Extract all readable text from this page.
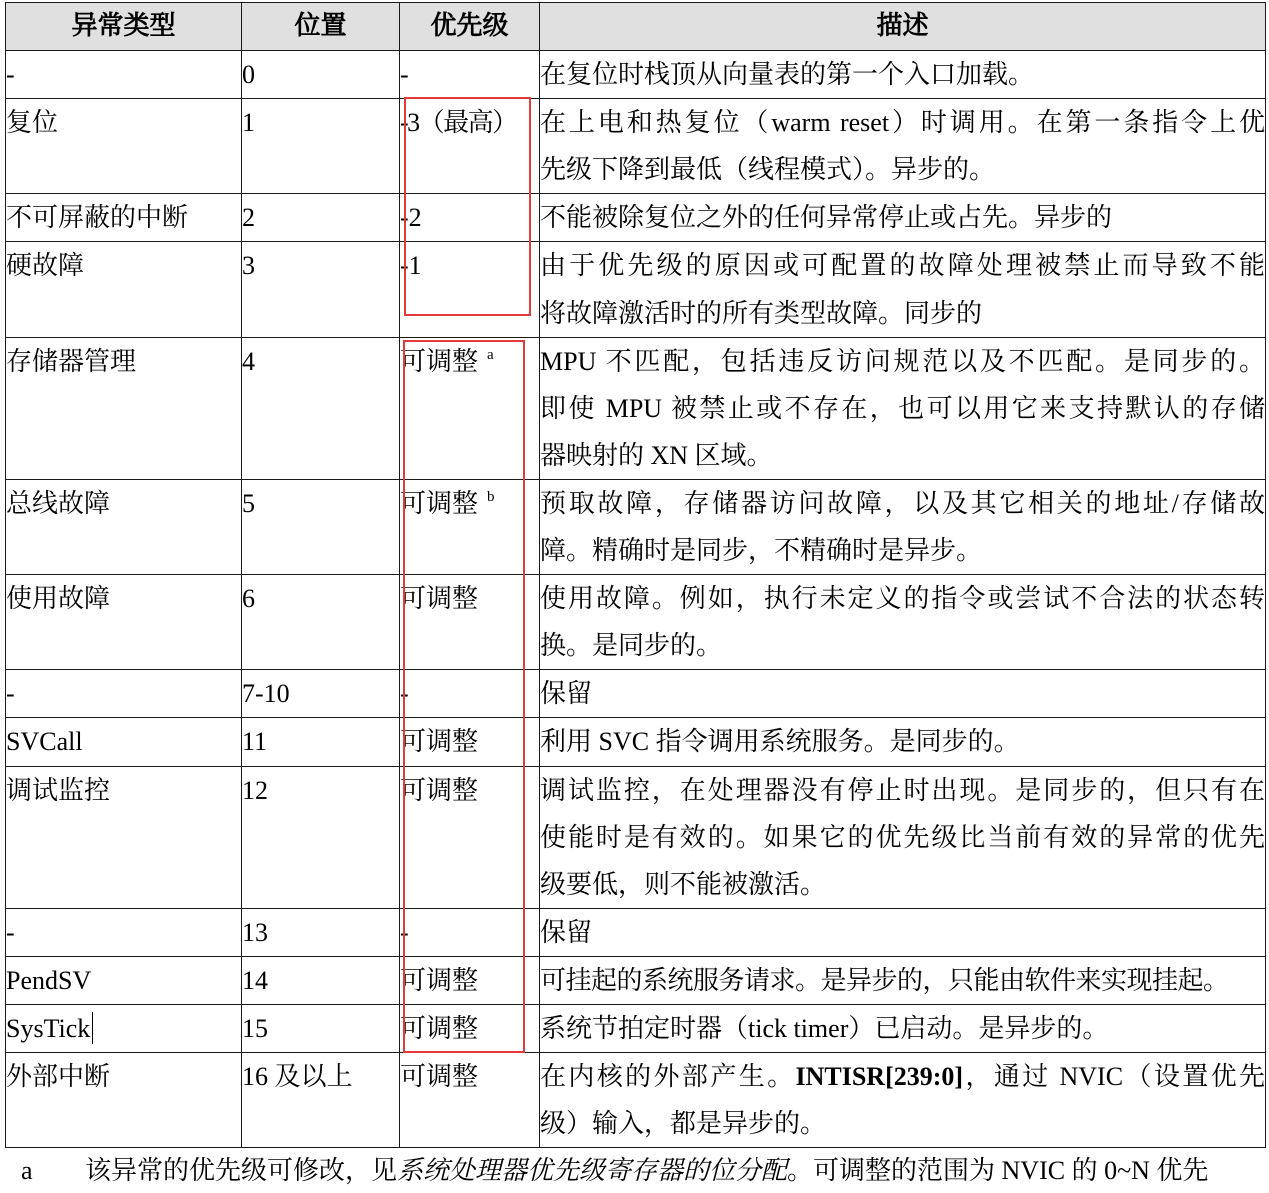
异常类型	位置	优先级	描述
-	0	-	在复位时栈顶从向量表的第一个入口加载。

复位	1	-3（最高）	在上电和热复位（warm reset）时调用。在第一条指令上优
先级下降到最低（线程模式）。异步的。

不可屏蔽的中断	2	-2	不能被除复位之外的任何异常停止或占先。异步的

硬故障	3	-1	由于优先级的原因或可配置的故障处理被禁止而导致不能
将故障激活时的所有类型故障。同步的

存储器管理	4	可调整 $^a$	MPU 不匹配，包括违反访问规范以及不匹配。是同步的。
即使 MPU 被禁止或不存在，也可以用它来支持默认的存储
器映射的 XN 区域。

总线故障	5	可调整 $^b$	预取故障，存储器访问故障，以及其它相关的地址/存储故
障。精确时是同步，不精确时是异步。

使用故障	6	可调整	使用故障。例如，执行未定义的指令或尝试不合法的状态转
换。是同步的。

-	7-10	-	保留

SVCall	11	可调整	利用 SVC 指令调用系统服务。是同步的。

调试监控	12	可调整	调试监控，在处理器没有停止时出现。是同步的，但只有在
使能时是有效的。如果它的优先级比当前有效的异常的优先
级要低，则不能被激活。

-	13	-	保留

PendSV	14	可调整	可挂起的系统服务请求。是异步的，只能由软件来实现挂起。

SysTick	15	可调整	系统节拍定时器（tick timer）已启动。是异步的。

外部中断	16 及以上	可调整	在内核的外部产生。INTISR[239:0]，通过 NVIC（设置优先
级）输入，都是异步的。
a 该异常的优先级可修改，见系统处理器优先级寄存器的位分配。可调整的范围为 NVIC 的 0~N 优先
